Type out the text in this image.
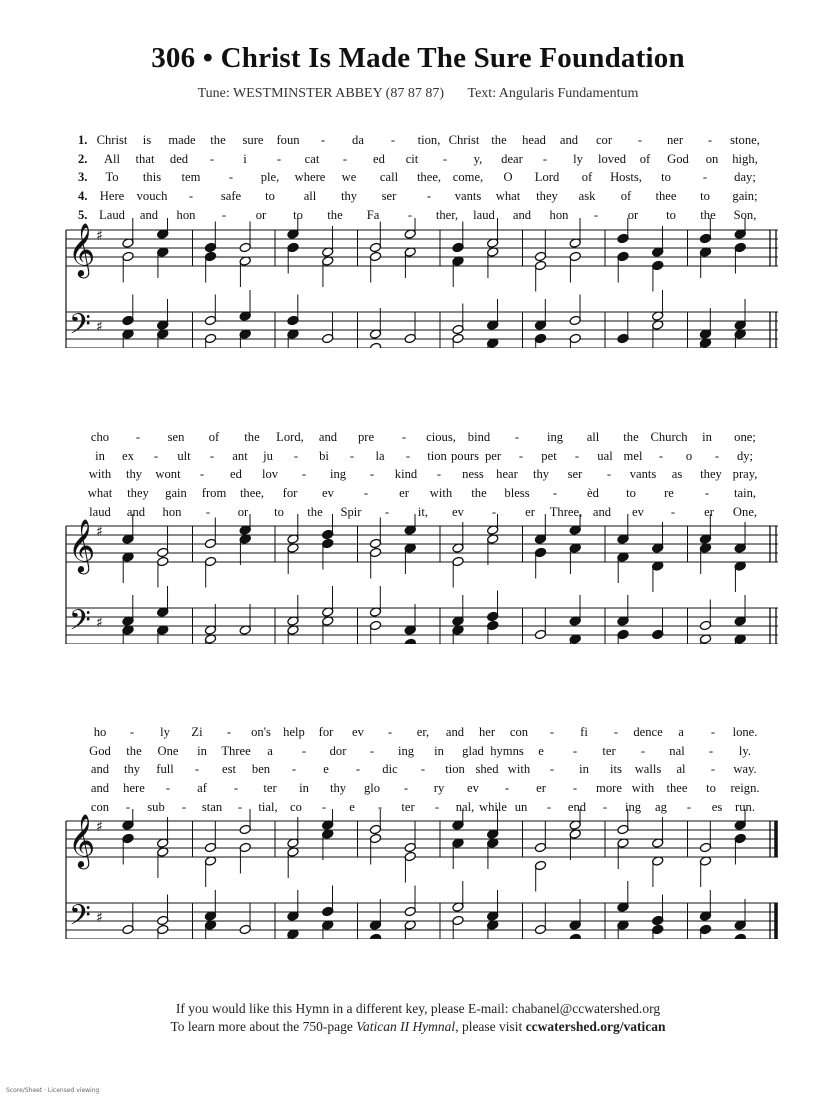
306 • Christ Is Made The Sure Foundation
Tune: WESTMINSTER ABBEY (87 87 87) Text: Angularis Fundamentum
1. Christ is made the sure foun - da - tion, Christ the head and cor - ner - stone,
2. All that ded - i - cat - ed cit - y, dear - ly loved of God on high,
3. To this tem - ple, where we call thee, come, O Lord of Hosts, to	- day;
4. Here vouch - safe to all thy ser - vants what they ask of thee to gain;
5. Laud and hon - or to the Fa - ther, laud and hon - or to the Son,
cho - sen of the Lord, and pre - cious, bind - ing all the Church in one;
in ex - ult - ant ju - bi - la - tion pours per - pet - ual mel - o - dy;
with thy wont - ed lov - ing - kind - ness hear thy ser - vants as they pray,
what they gain from thee, for ev - er with the bless - èd to re - tain,
laud and hon - or to the Spir - it, ev - er Three, and ev - er One,
ho - ly Zi - on's help for ev - er, and her con - fi - dence a - lone.
God the One in Three a - dor - ing in glad hymns e - ter - nal - ly.
and thy full - est ben - e - dic - tion shed with - in its walls al - way.
and here - af - ter in thy glo - ry ev - er - more with thee to reign.
con - sub - stan - tial, co - e - ter - nal, while un - end - ing ag - es run.
𝄞
𝄢
♯
♯
𝄞
𝄢
♯
♯
𝄞
𝄢
♯
♯
If you would like this Hymn in a different key, please E-mail: chabanel@ccwatershed.org
To learn more about the 750-page Vatican II Hymnal, please visit ccwatershed.org/vatican
Score/Sheet · Licensed viewing
